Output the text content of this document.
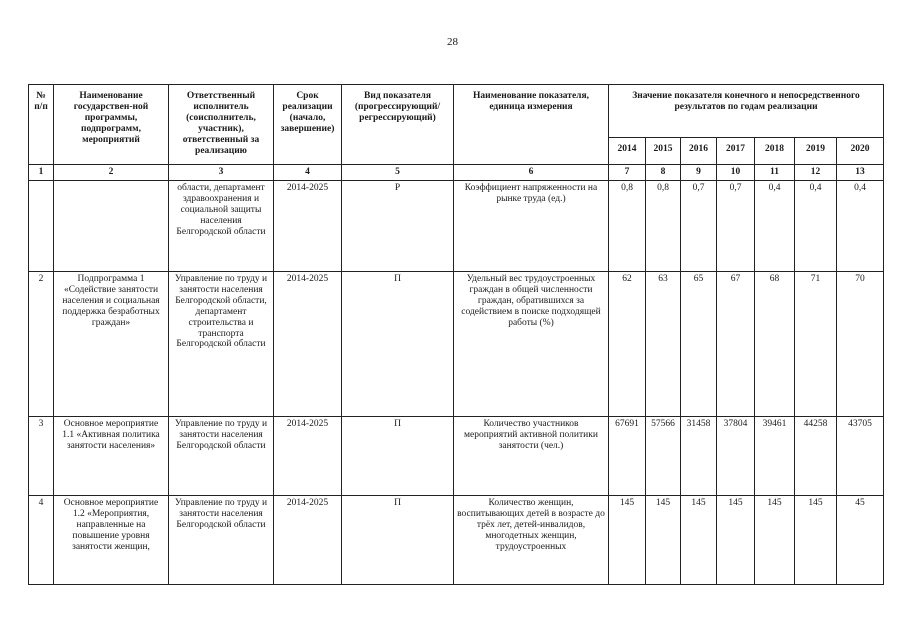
28
№ п/п	Наименование государствен-ной программы, подпрограмм, мероприятий	Ответственный исполнитель (соисполнитель, участник), ответственный за реализацию	Срок реализации (начало, завершение)	Вид показателя (прогрессирующий/ регрессирующий)	Наименование показателя, единица измерения	Значение показателя конечного и непосредственного результатов по годам реализации						
						2014	2015	2016	2017	2018	2019	2020
1	2	3	4	5	6	7	8	9	10	11	12	13
		области, департамент здравоохранения и социальной защиты населения Белгородской области	2014-2025	Р	Коэффициент напряженности на рынке труда (ед.)	0,8	0,8	0,7	0,7	0,4	0,4	0,4
2	Подпрограмма 1 «Содействие занятости населения и социальная поддержка безработных граждан»	Управление по труду и занятости населения Белгородской области, департамент строительства и транспорта Белгородской области	2014-2025	П	Удельный вес трудоустроенных граждан в общей численности граждан, обратившихся за содействием в поиске подходящей работы (%)	62	63	65	67	68	71	70
3	Основное мероприятие 1.1 «Активная политика занятости населения»	Управление по труду и занятости населения Белгородской области	2014-2025	П	Количество участников мероприятий активной политики занятости (чел.)	67691	57566	31458	37804	39461	44258	43705
4	Основное мероприятие 1.2 «Мероприятия, направленные на повышение уровня занятости женщин,	Управление по труду и занятости населения Белгородской области	2014-2025	П	Количество женщин, воспитывающих детей в возрасте до трёх лет, детей-инвалидов, многодетных женщин, трудоустроенных	145	145	145	145	145	145	45
